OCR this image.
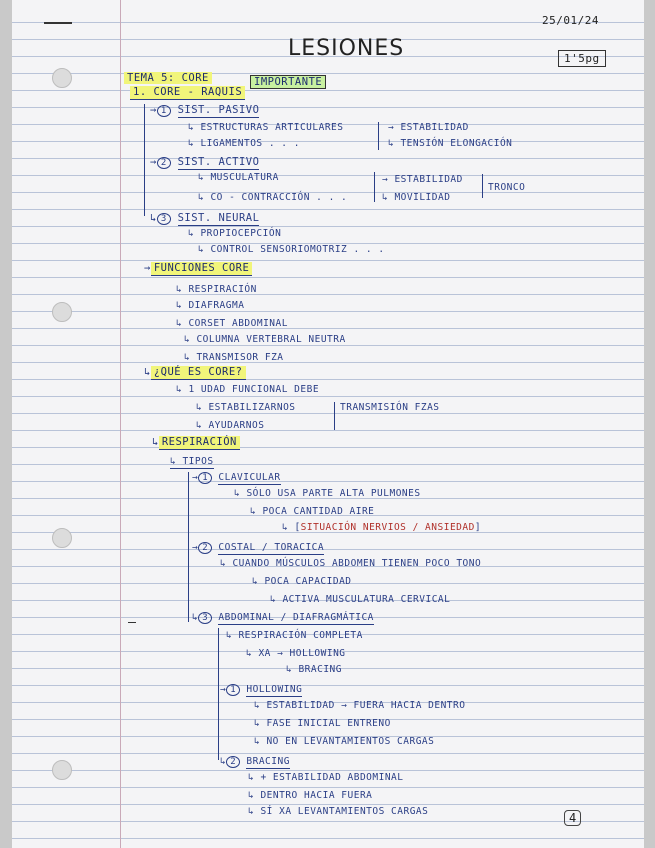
25/01/24
LESIONES	1'5pg
TEMA 5: CORE	IMPORTANTE
1. CORE - RAQUIS
→ 1 SIST. PASIVO
↳ ESTRUCTURAS ARTICULARES
↳ LIGAMENTOS . . .
→ ESTABILIDAD
↳ TENSIÓN ELONGACIÓN
→ 2 SIST. ACTIVO
↳ MUSCULATURA
↳ CO - CONTRACCIÓN . . .
→ ESTABILIDAD
↳ MOVILIDAD
TRONCO
↳ 3 SIST. NEURAL
↳ PROPIOCEPCIÓN
↳ CONTROL SENSORIOMOTRIZ . . .
→ FUNCIONES CORE
↳ RESPIRACIÓN
↳ DIAFRAGMA
↳ CORSET ABDOMINAL
↳ COLUMNA VERTEBRAL NEUTRA
↳ TRANSMISOR FZA
↳ ¿QUÉ ES CORE?
↳ 1 UDAD FUNCIONAL DEBE
↳ ESTABILIZARNOS	TRANSMISIÓN FZAS
↳ AYUDARNOS
↳ RESPIRACIÓN
↳ TIPOS
→ 1 CLAVICULAR
↳ SÓLO USA PARTE ALTA PULMONES
↳ POCA CANTIDAD AIRE
↳ [SITUACIÓN NERVIOS / ANSIEDAD]
→ 2 COSTAL / TORACICA
↳ CUANDO MÚSCULOS ABDOMEN TIENEN POCO TONO
↳ POCA CAPACIDAD
↳ ACTIVA MUSCULATURA CERVICAL
↳ 3 ABDOMINAL / DIAFRAGMÁTICA
↳ RESPIRACIÓN COMPLETA
↳ XA → HOLLOWING
↳ BRACING
→ 1 HOLLOWING
↳ ESTABILIDAD → FUERA HACIA DENTRO
↳ FASE INICIAL ENTRENO
↳ NO EN LEVANTAMIENTOS CARGAS
↳ 2 BRACING
↳ + ESTABILIDAD ABDOMINAL
↳ DENTRO HACIA FUERA
↳ SÍ XA LEVANTAMIENTOS CARGAS	4
